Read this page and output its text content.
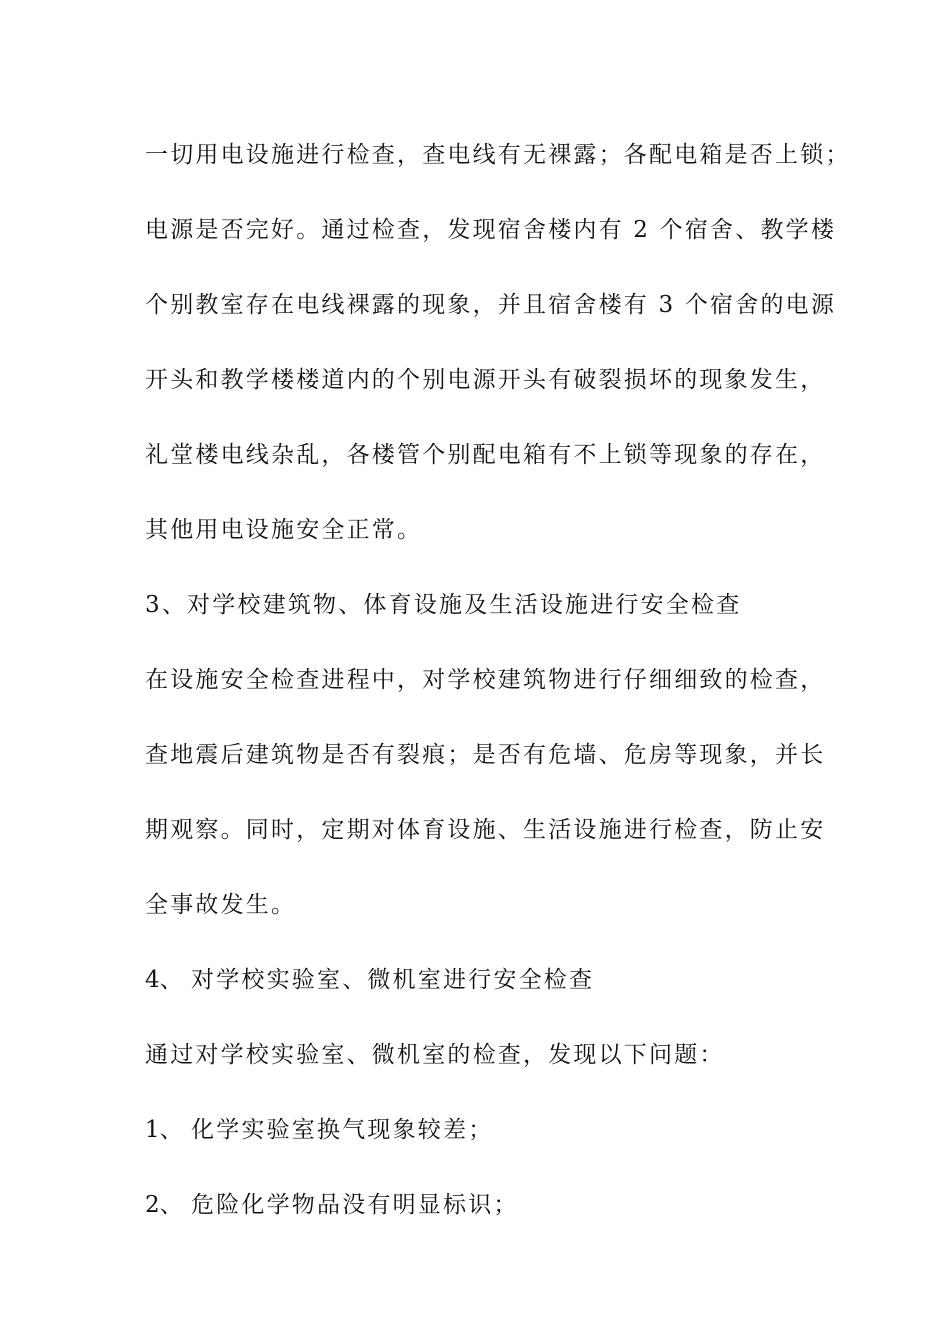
一切用电设施进行检查，查电线有无裸露；各配电箱是否上锁；
电源是否完好。通过检查，发现宿舍楼内有 2 个宿舍、教学楼
个别教室存在电线裸露的现象，并且宿舍楼有 3 个宿舍的电源
开头和教学楼楼道内的个别电源开头有破裂损坏的现象发生，
礼堂楼电线杂乱，各楼管个别配电箱有不上锁等现象的存在，
其他用电设施安全正常。
3、对学校建筑物、体育设施及生活设施进行安全检查
在设施安全检查进程中，对学校建筑物进行仔细细致的检查，
查地震后建筑物是否有裂痕；是否有危墙、危房等现象，并长
期观察。同时，定期对体育设施、生活设施进行检查，防止安
全事故发生。
4、 对学校实验室、微机室进行安全检查
通过对学校实验室、微机室的检查，发现以下问题：
1、 化学实验室换气现象较差；
2、 危险化学物品没有明显标识；
